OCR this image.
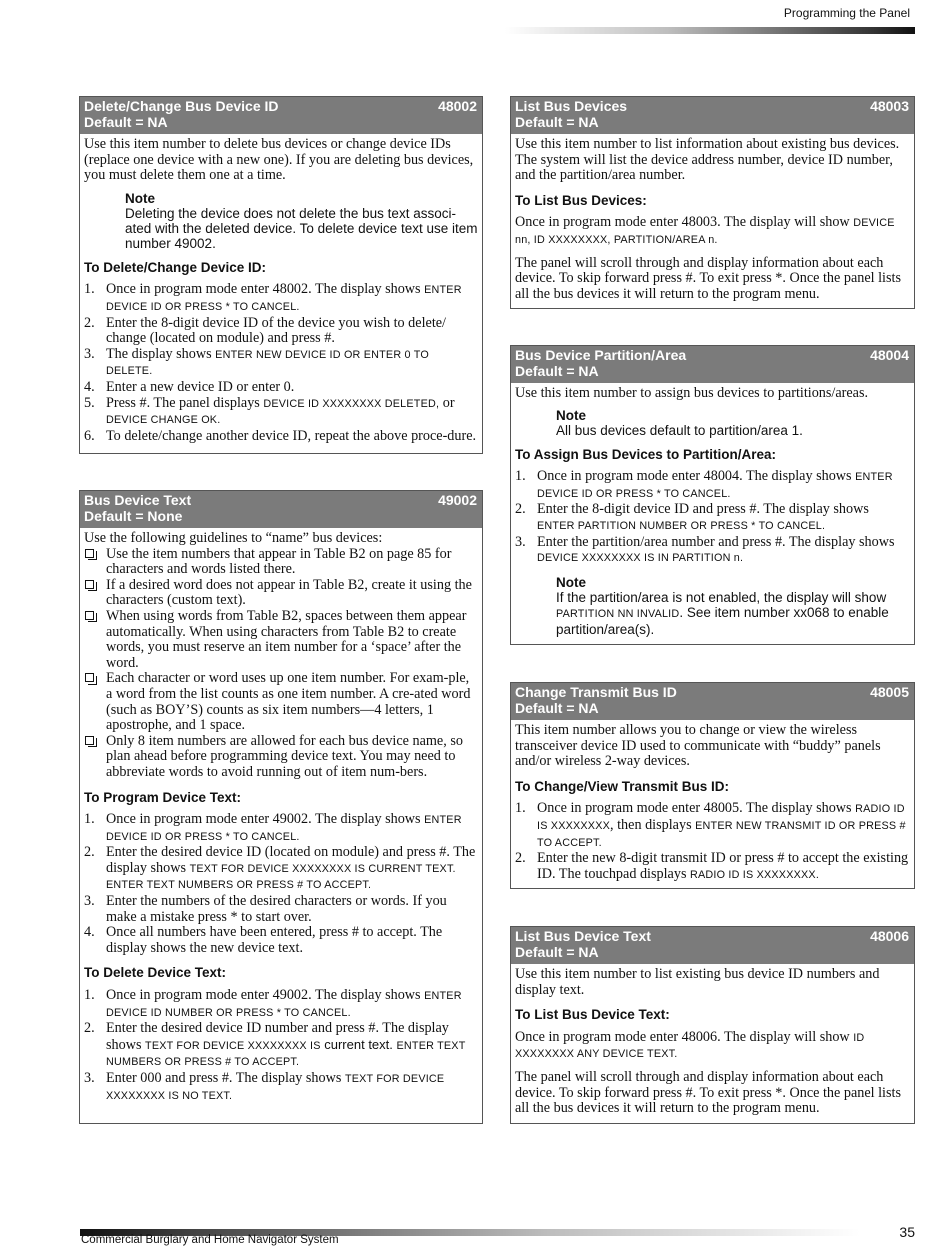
Programming the Panel
Delete/Change Bus Device ID	48002
Default = NA

Use this item number to delete bus devices or change device IDs (replace one device with a new one). If you are deleting bus devices, you must delete them one at a time.

Note
Deleting the device does not delete the bus text associ-ated with the deleted device. To delete device text use item number 49002.
To Delete/Change Device ID:
1. Once in program mode enter 48002. The display shows ENTER DEVICE ID OR PRESS * TO CANCEL.
2. Enter the 8-digit device ID of the device you wish to delete/ change (located on module) and press #.
3. The display shows ENTER NEW DEVICE ID OR ENTER 0 TO DELETE.
4. Enter a new device ID or enter 0.
5. Press #. The panel displays DEVICE ID XXXXXXXX DELETED, or DEVICE CHANGE OK.
6. To delete/change another device ID, repeat the above proce-dure.
Bus Device Text	49002
Default = None
Use the following guidelines to “name” bus devices:
Use the item numbers that appear in Table B2 on page 85 for characters and words listed there.
If a desired word does not appear in Table B2, create it using the characters (custom text).
When using words from Table B2, spaces between them appear automatically. When using characters from Table B2 to create words, you must reserve an item number for a ‘space’ after the word.
Each character or word uses up one item number. For exam-ple, a word from the list counts as one item number. A cre-ated word (such as BOY’S) counts as six item numbers—4 letters, 1 apostrophe, and 1 space.
Only 8 item numbers are allowed for each bus device name, so plan ahead before programming device text. You may need to abbreviate words to avoid running out of item num-bers.
To Program Device Text:
1. Once in program mode enter 49002. The display shows ENTER DEVICE ID OR PRESS * TO CANCEL.
2. Enter the desired device ID (located on module) and press #. The display shows TEXT FOR DEVICE XXXXXXXX IS CURRENT TEXT. ENTER TEXT NUMBERS OR PRESS # TO ACCEPT.
3. Enter the numbers of the desired characters or words. If you make a mistake press * to start over.
4. Once all numbers have been entered, press # to accept. The display shows the new device text.
To Delete Device Text:
1. Once in program mode enter 49002. The display shows ENTER DEVICE ID NUMBER OR PRESS * TO CANCEL.
2. Enter the desired device ID number and press #. The display shows TEXT FOR DEVICE XXXXXXXX IS current text. ENTER TEXT NUMBERS OR PRESS # TO ACCEPT.
3. Enter 000 and press #. The display shows TEXT FOR DEVICE XXXXXXXX IS NO TEXT.
List Bus Devices	48003
Default = NA

Use this item number to list information about existing bus devices. The system will list the device address number, device ID number, and the partition/area number.

To List Bus Devices:

Once in program mode enter 48003. The display will show DEVICE nn, ID XXXXXXXX, PARTITION/AREA n.

The panel will scroll through and display information about each device. To skip forward press #. To exit press *. Once the panel lists all the bus devices it will return to the program menu.

Bus Device Partition/Area	48004
Default = NA
Use this item number to assign bus devices to partitions/areas.
Note
All bus devices default to partition/area 1.
To Assign Bus Devices to Partition/Area:
1. Once in program mode enter 48004. The display shows ENTER DEVICE ID OR PRESS * TO CANCEL.
2. Enter the 8-digit device ID and press #. The display shows ENTER PARTITION NUMBER OR PRESS * TO CANCEL.
3. Enter the partition/area number and press #. The display shows DEVICE XXXXXXXX IS IN PARTITION n.
Note
If the partition/area is not enabled, the display will show PARTITION NN INVALID. See item number xx068 to enable partition/area(s).
Change Transmit Bus ID	48005
Default = NA

This item number allows you to change or view the wireless transceiver device ID used to communicate with “buddy” panels and/or wireless 2-way devices.

To Change/View Transmit Bus ID:
1. Once in program mode enter 48005. The display shows RADIO ID IS XXXXXXXX, then displays ENTER NEW TRANSMIT ID OR PRESS # TO ACCEPT.
2. Enter the new 8-digit transmit ID or press # to accept the existing ID. The touchpad displays RADIO ID IS XXXXXXXX.
List Bus Device Text	48006
Default = NA

Use this item number to list existing bus device ID numbers and display text.

To List Bus Device Text:

Once in program mode enter 48006. The display will show ID XXXXXXXX ANY DEVICE TEXT.

The panel will scroll through and display information about each device. To skip forward press #. To exit press *. Once the panel lists all the bus devices it will return to the program menu.

Commercial Burglary and Home Navigator System	35
